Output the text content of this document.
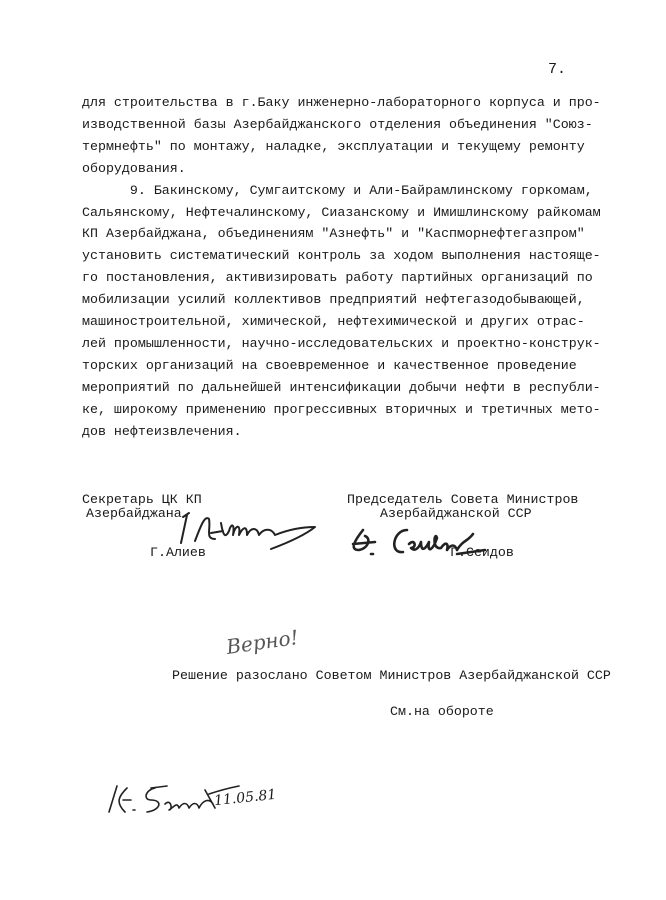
7.
для строительства в г.Баку инженерно-лабораторного корпуса и про-
изводственной базы Азербайджанского отделения объединения "Союз-
термнефть" по монтажу, наладке, эксплуатации и текущему ремонту
оборудования.
9. Бакинскому, Сумгаитскому и Али-Байрамлинскому горкомам,
Сальянскому, Нефтечалинскому, Сиазанскому и Имишлинскому райкомам
КП Азербайджана, объединениям "Азнефть" и "Каспморнефтегазпром"
установить систематический контроль за ходом выполнения настояще-
го постановления, активизировать работу партийных организаций по
мобилизации усилий коллективов предприятий нефтегазодобывающей,
машиностроительной, химической, нефтехимической и других отрас-
лей промышленности, научно-исследовательских и проектно-конструк-
торских организаций на своевременное и качественное проведение
мероприятий по дальнейшей интенсификации добычи нефти в республи-
ке, широкому применению прогрессивных вторичных и третичных мето-
дов нефтеизвлечения.
Секретарь ЦК КП
Азербайджана
Г.Алиев
Председатель Совета Министров
Азербайджанской ССР
Г.Сеидов
Верно!
Решение разослано Советом Министров Азербайджанской ССР
См.на обороте
11.05.81
